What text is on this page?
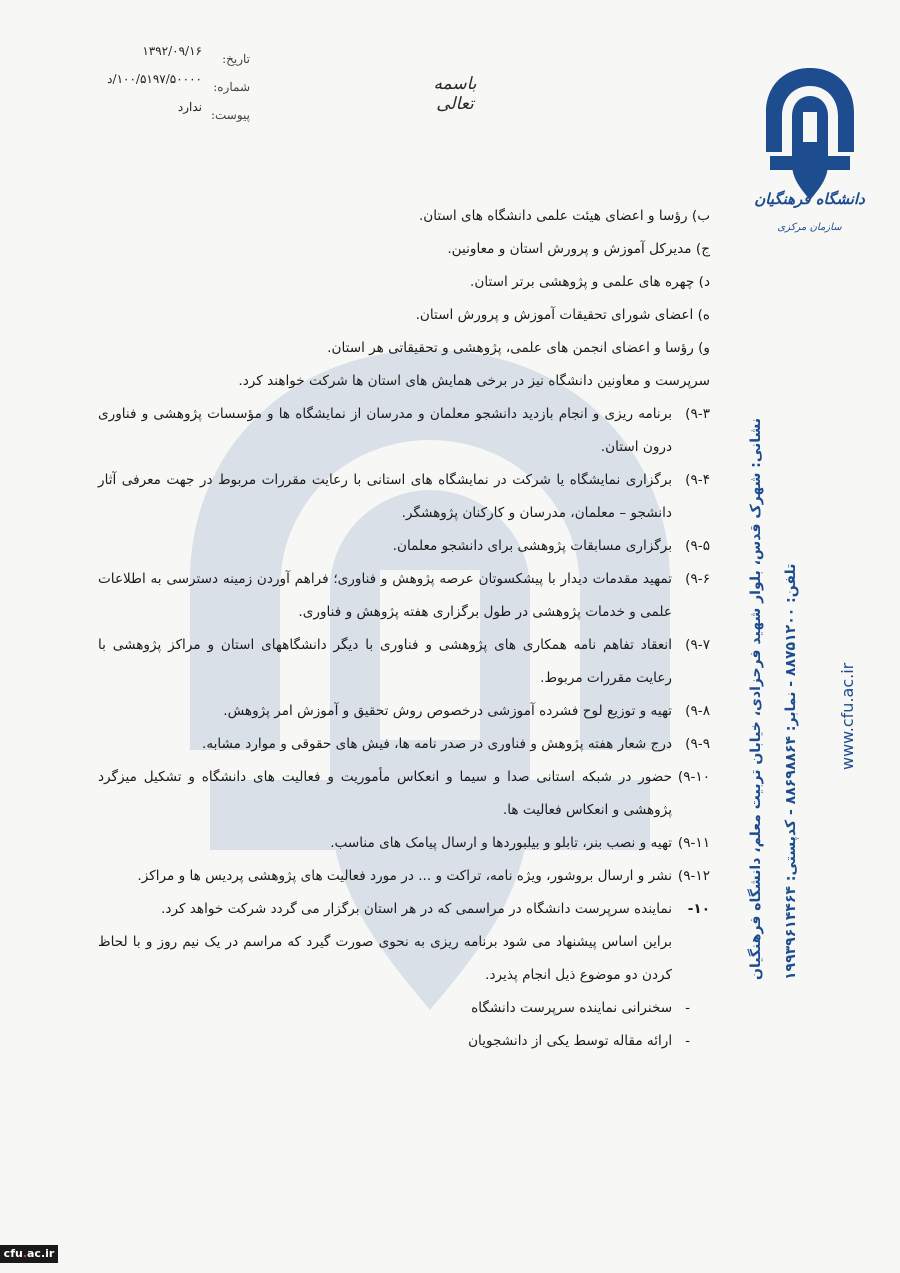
تاریخ:
۱۳۹۲/۰۹/۱۶
شماره:
۱۰۰/۵۱۹۷/۵۰۰۰۰/د
پیوست:
ندارد
باسمه تعالی
دانشگاه فرهنگیان
سازمان مرکزی
نشانی: شهرک قدس، بلوار شهید فرحزادی، خیابان تربیت معلم، دانشگاه فرهنگیان تلفن: ۸۸۷۵۱۲۰۰ - نمابر: ۸۸۶۹۸۸۶۴ - کدپستی: ۱۹۹۳۹۶۱۴۴۶۴
www.cfu.ac.ir
ب) رؤسا و اعضای هیئت علمی دانشگاه های استان.
ج) مدیرکل آموزش و پرورش استان و معاونین.
د) چهره های علمی و پژوهشی برتر استان.
ه) اعضای شورای تحقیقات آموزش و پرورش استان.
و) رؤسا و اعضای انجمن های علمی، پژوهشی و تحقیقاتی هر استان.
سرپرست و معاونین دانشگاه نیز در برخی همایش های استان ها شرکت خواهند کرد.
۹-۳)
برنامه ریزی و انجام بازدید دانشجو معلمان و مدرسان از نمایشگاه ها و مؤسسات پژوهشی و فناوری درون استان.
۹-۴)
برگزاری نمایشگاه یا شرکت در نمایشگاه های استانی با رعایت مقررات مربوط در جهت معرفی آثار دانشجو – معلمان، مدرسان و کارکنان پژوهشگر.
۹-۵)
برگزاری مسابقات پژوهشی برای دانشجو معلمان.
۹-۶)
تمهید مقدمات دیدار با پیشکسوتان عرصه پژوهش و فناوری؛ فراهم آوردن زمینه دسترسی به اطلاعات علمی و خدمات پژوهشی در طول برگزاری هفته پژوهش و فناوری.
۹-۷)
انعقاد تفاهم نامه همکاری های پژوهشی و فناوری با دیگر دانشگاههای استان و مراکز پژوهشی با رعایت مقررات مربوط.
۹-۸)
تهیه و توزیع لوح فشرده آموزشی درخصوص روش تحقیق و آموزش امر پژوهش.
۹-۹)
درج شعار هفته پژوهش و فناوری در صدر نامه ها، فیش های حقوقی و موارد مشابه.
۹-۱۰)
حضور در شبکه استانی صدا و سیما و انعکاس مأموریت و فعالیت های دانشگاه و تشکیل میزگرد پژوهشی و انعکاس فعالیت ها.
۹-۱۱)
تهیه و نصب بنر، تابلو و بیلبوردها و ارسال پیامک های مناسب.
۹-۱۲)
نشر و ارسال بروشور، ویژه نامه، تراکت و ... در مورد فعالیت های پژوهشی پردیس ها و مراکز.
۱۰-
نماینده سرپرست دانشگاه در مراسمی که در هر استان برگزار می گردد شرکت خواهد کرد.
براین اساس پیشنهاد می شود برنامه ریزی به نحوی صورت گیرد که مراسم در یک نیم روز و با لحاظ کردن دو موضوع ذیل انجام پذیرد.
-   سخنرانی نماینده سرپرست دانشگاه
-   ارائه مقاله توسط یکی از دانشجویان
cfu.ac.ir
